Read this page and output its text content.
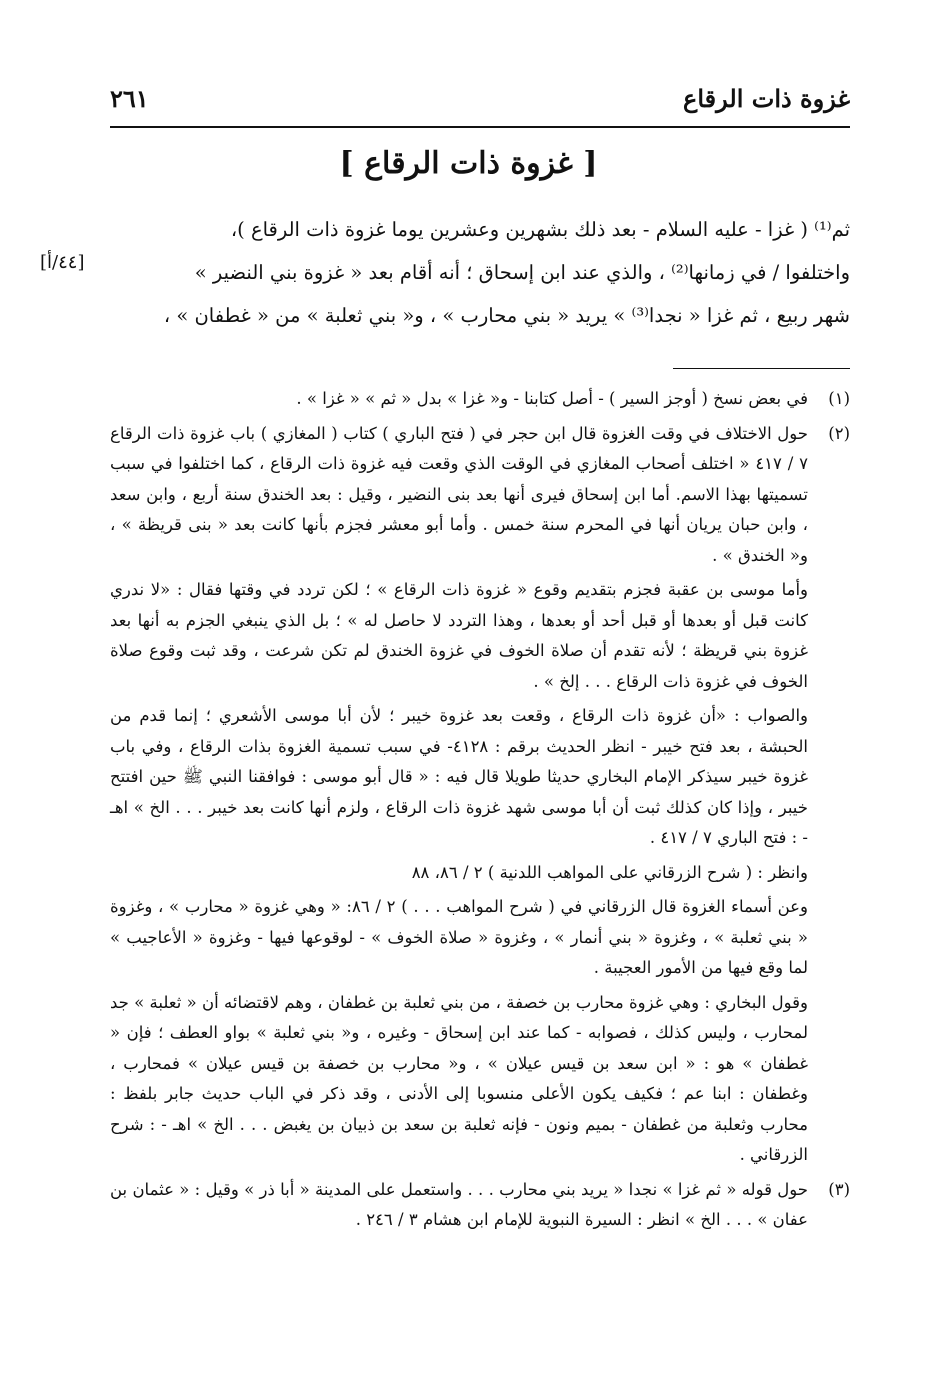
غزوة ذات الرقاع
٢٦١
[ غزوة ذات الرقاع ]

ثم⁽¹⁾ ( غزا - عليه السلام - بعد ذلك بشهرين وعشرين يوما غزوة ذات الرقاع )،

واختلفوا / في زمانها⁽²⁾ ، والذي عند ابن إسحاق ؛ أنه أقام بعد « غزوة بني النضير »

شهر ربيع ، ثم غزا « نجدا⁽³⁾ » يريد « بني محارب » ، و« بني ثعلبة » من « غطفان » ،

[٤٤/أ]
(١)

في بعض نسخ ( أوجز السير ) - أصل كتابنا - و« غزا » بدل « ثم » « غزا » .

(٢)

حول الاختلاف في وقت الغزوة قال ابن حجر في ( فتح الباري ) كتاب ( المغازي ) باب غزوة ذات الرقاع ٧ / ٤١٧ « اختلف أصحاب المغازي في الوقت الذي وقعت فيه غزوة ذات الرقاع ، كما اختلفوا في سبب تسميتها بهذا الاسم. أما ابن إسحاق فيرى أنها بعد بنى النضير ، وقيل : بعد الخندق سنة أربع ، وابن سعد ، وابن حبان يريان أنها في المحرم سنة خمس . وأما أبو معشر فجزم بأنها كانت بعد « بنى قريظة » ، و« الخندق » .

وأما موسى بن عقبة فجزم بتقديم وقوع « غزوة ذات الرقاع » ؛ لكن تردد في وقتها فقال : «لا ندري كانت قبل أو بعدها أو قبل أحد أو بعدها ، وهذا التردد لا حاصل له » ؛ بل الذي ينبغي الجزم به أنها بعد غزوة بني قريظة ؛ لأنه تقدم أن صلاة الخوف في غزوة الخندق لم تكن شرعت ، وقد ثبت وقوع صلاة الخوف في غزوة ذات الرقاع . . . إلخ » .

والصواب : «أن غزوة ذات الرقاع ، وقعت بعد غزوة خيبر ؛ لأن أبا موسى الأشعري ؛ إنما قدم من الحبشة ، بعد فتح خيبر - انظر الحديث برقم : ٤١٢٨- في سبب تسمية الغزوة بذات الرقاع ، وفي باب غزوة خيبر سيذكر الإمام البخاري حديثا طويلا قال فيه : « قال أبو موسى : فوافقنا النبي ﷺ حين افتتح خيبر ، وإذا كان كذلك ثبت أن أبا موسى شهد غزوة ذات الرقاع ، ولزم أنها كانت بعد خيبر . . . الخ » اهـ - : فتح الباري ٧ / ٤١٧ .

وانظر : ( شرح الزرقاني على المواهب اللدنية ) ٢ / ٨٦، ٨٨

وعن أسماء الغزوة قال الزرقاني في ( شرح المواهب . . . ) ٢ / ٨٦: « وهي غزوة « محارب » ، وغزوة « بني ثعلبة » ، وغزوة « بني أنمار » ، وغزوة « صلاة الخوف » - لوقوعها فيها - وغزوة « الأعاجيب » لما وقع فيها من الأمور العجيبة .

وقول البخاري : وهي غزوة محارب بن خصفة ، من بني ثعلبة بن غطفان ، وهم لاقتضائه أن « ثعلبة » جد لمحارب ، وليس كذلك ، فصوابه - كما عند ابن إسحاق - وغيره ، و« بني ثعلبة » بواو العطف ؛ فإن « غطفان » هو : « ابن سعد بن قيس عيلان » ، و« محارب بن خصفة بن قيس عيلان » فمحارب ، وغطفان : ابنا عم ؛ فكيف يكون الأعلى منسوبا إلى الأدنى ، وقد ذكر في الباب حديث جابر بلفظ : محارب وثعلبة من غطفان - بميم ونون - فإنه ثعلبة بن سعد بن ذبيان بن يغبض . . . الخ » اهـ - : شرح الزرقاني .

(٣)

حول قوله « ثم غزا » نجدا « يريد بني محارب . . . واستعمل على المدينة « أبا ذر » وقيل : « عثمان بن عفان » . . . الخ » انظر : السيرة النبوية للإمام ابن هشام ٣ / ٢٤٦ .
